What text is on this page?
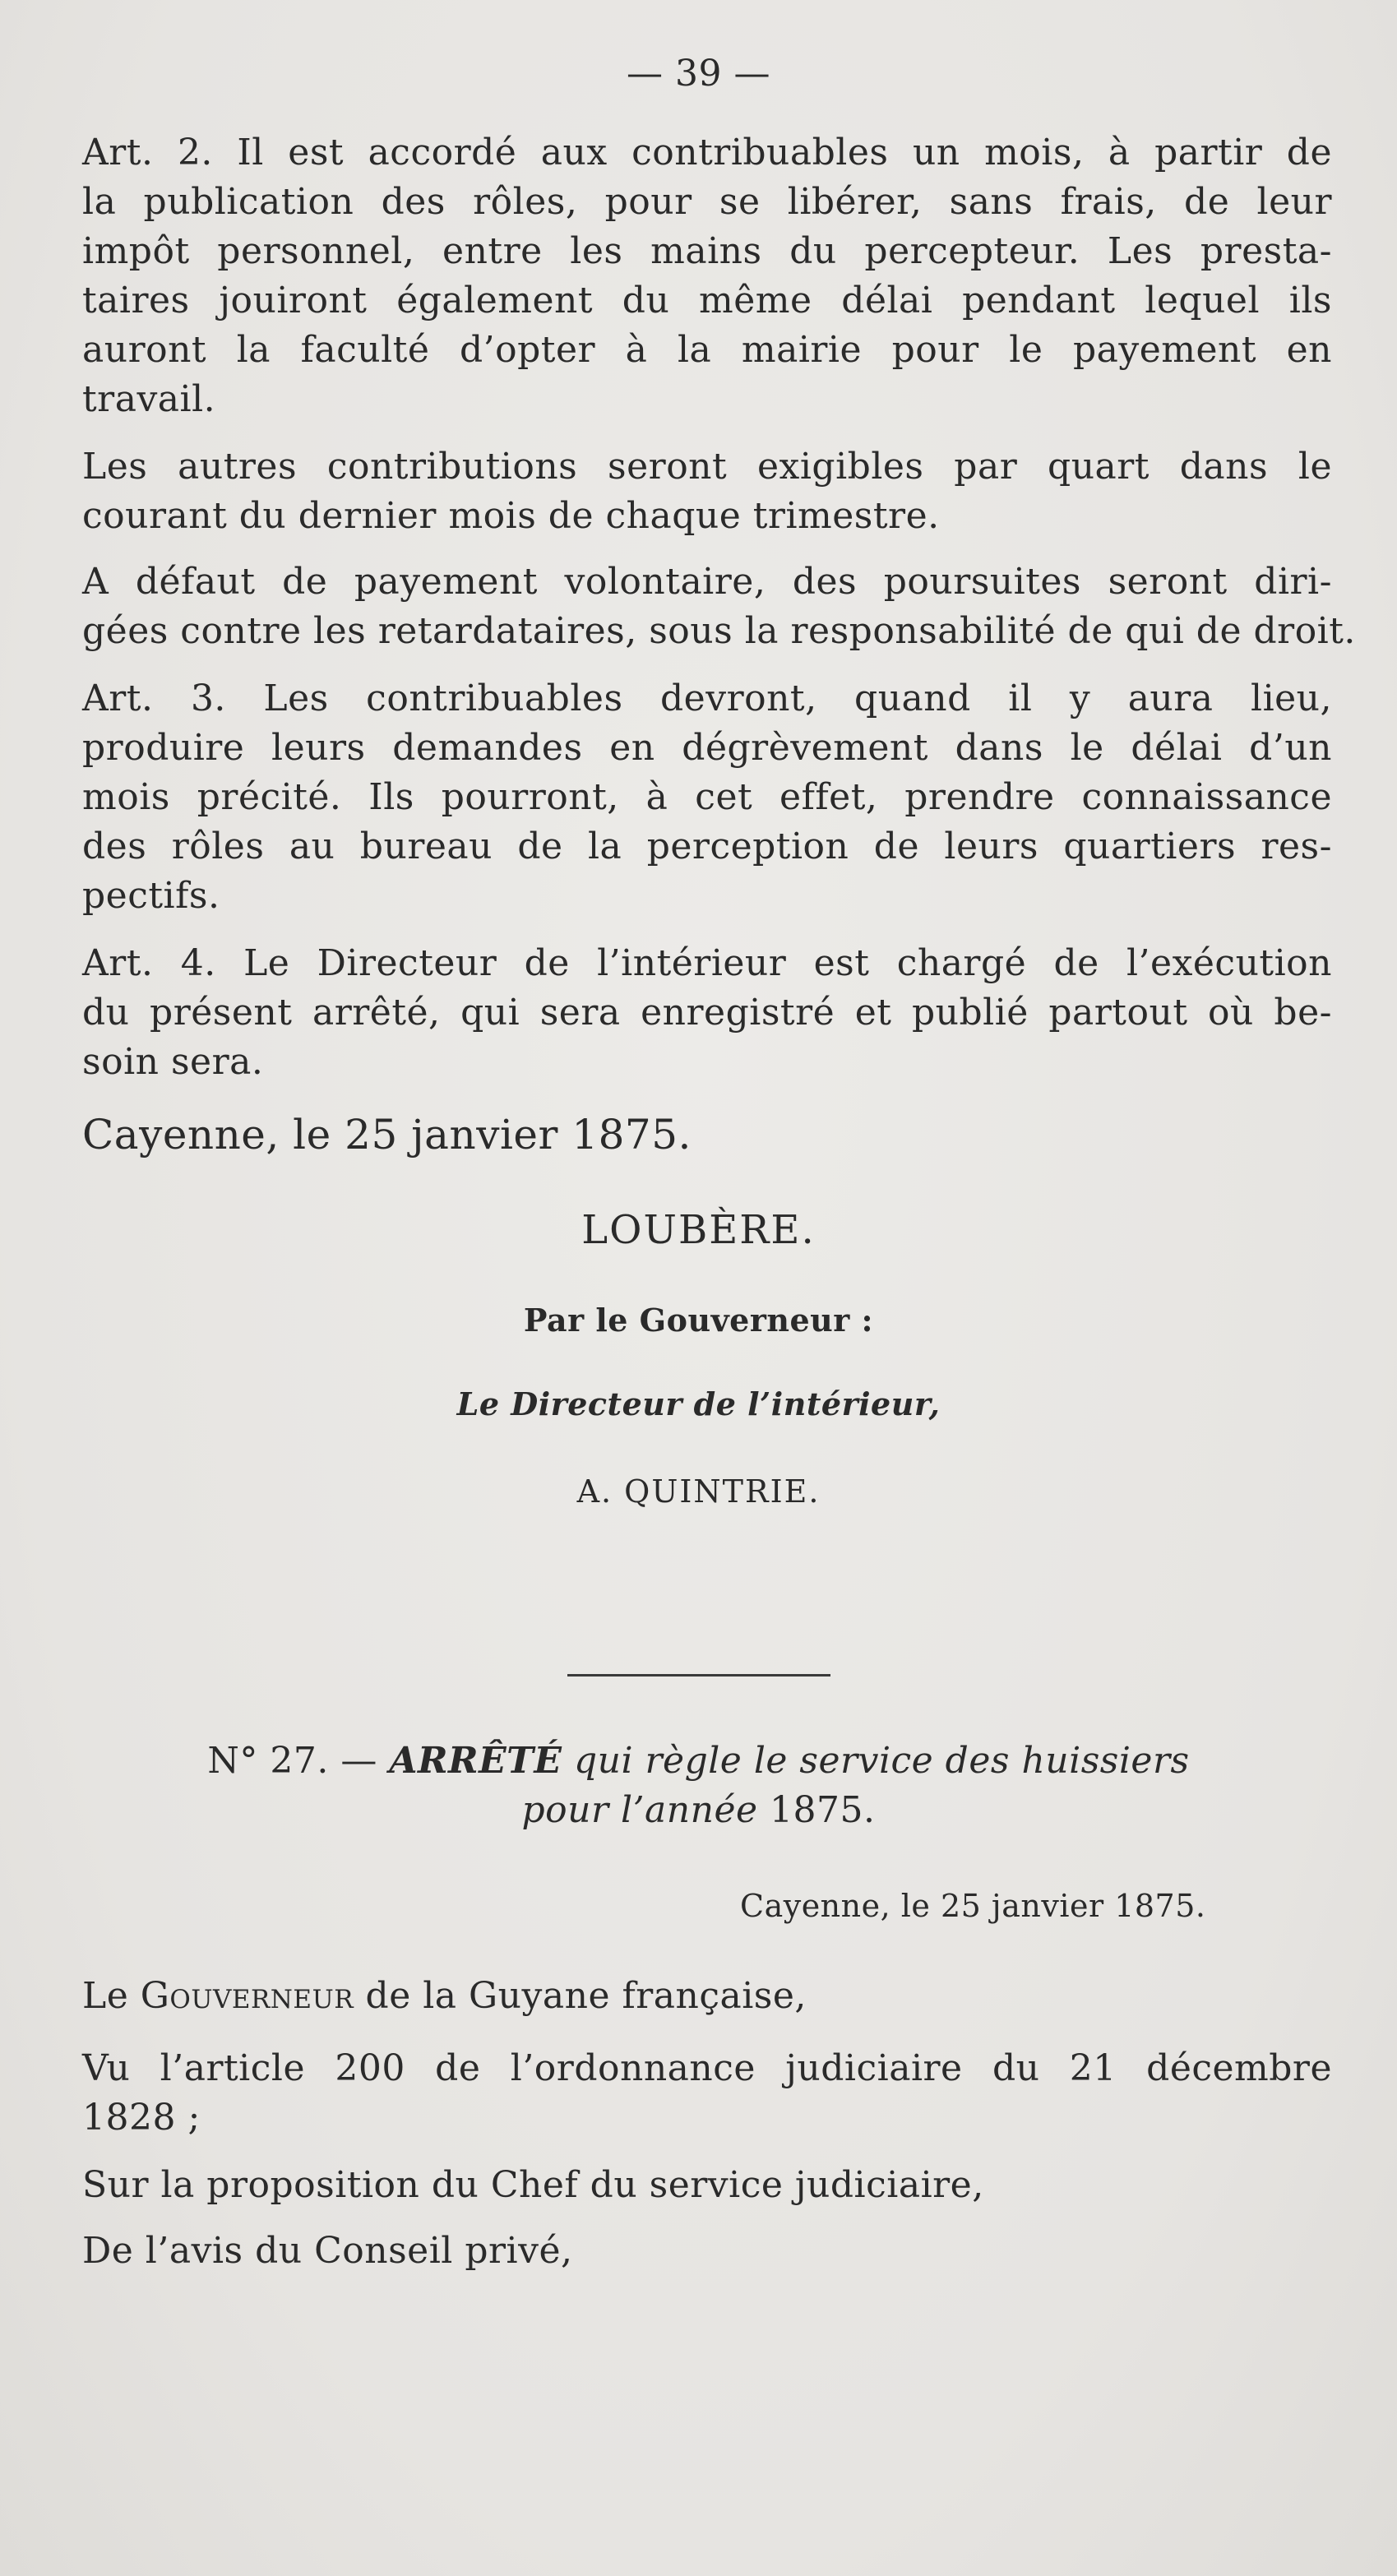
— 39 —
Art. 2. Il est accordé aux contribuables un mois, à partir de
la publication des rôles, pour se libérer, sans frais, de leur
impôt personnel, entre les mains du percepteur. Les presta-
taires jouiront également du même délai pendant lequel ils
auront la faculté d’opter à la mairie pour le payement en
travail.
Les autres contributions seront exigibles par quart dans le
courant du dernier mois de chaque trimestre.
A défaut de payement volontaire, des poursuites seront diri-
gées contre les retardataires, sous la responsabilité de qui de droit.
Art. 3. Les contribuables devront, quand il y aura lieu,
produire leurs demandes en dégrèvement dans le délai d’un
mois précité. Ils pourront, à cet effet, prendre connaissance
des rôles au bureau de la perception de leurs quartiers res-
pectifs.
Art. 4. Le Directeur de l’intérieur est chargé de l’exécution
du présent arrêté, qui sera enregistré et publié partout où be-
soin sera.
Cayenne, le 25 janvier 1875.
LOUBÈRE.
Par le Gouverneur :
Le Directeur de l’intérieur,
A. QUINTRIE.
N° 27. — ARRÊTÉ qui règle le service des huissiers
pour l’année 1875.
Cayenne, le 25 janvier 1875.
Le Gouverneur de la Guyane française,
Vu l’article 200 de l’ordonnance judiciaire du 21 décembre
1828 ;
Sur la proposition du Chef du service judiciaire,
De l’avis du Conseil privé,
